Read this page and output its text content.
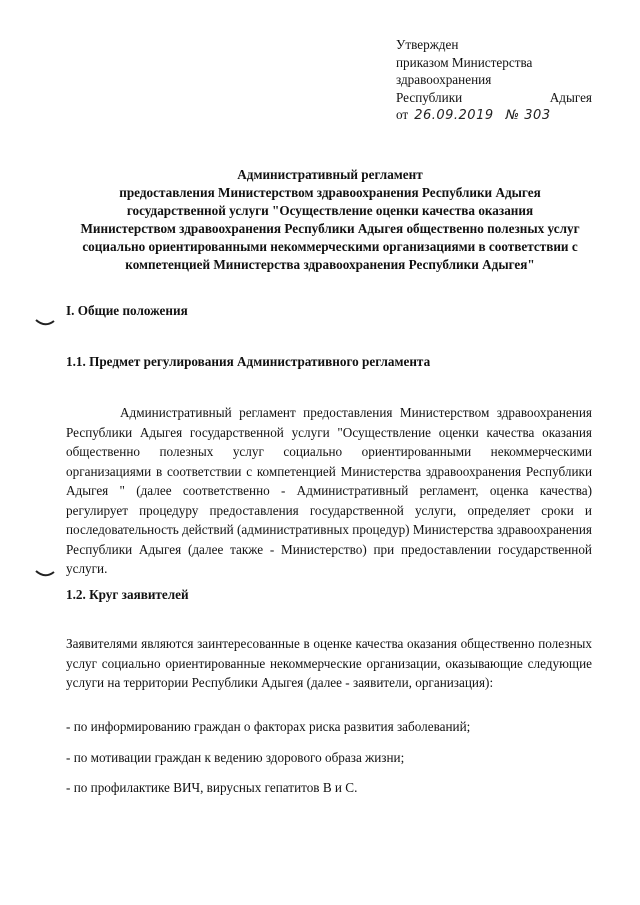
Утвержден
приказом Министерства
здравоохранения
Республики	Адыгея
от 26.09.2019 № 303
Административный регламент
предоставления Министерством здравоохранения Республики Адыгея
государственной услуги "Осуществление оценки качества оказания
Министерством здравоохранения Республики Адыгея общественно полезных услуг
социально ориентированными некоммерческими организациями в соответствии с
компетенцией Министерства здравоохранения Республики Адыгея"
I. Общие положения
1.1. Предмет регулирования Административного регламента
Административный регламент предоставления Министерством здравоохранения Республики Адыгея государственной услуги "Осуществление оценки качества оказания общественно полезных услуг социально ориентированными некоммерческими организациями в соответствии с компетенцией Министерства здравоохранения Республики Адыгея " (далее соответственно - Административный регламент, оценка качества) регулирует процедуру предоставления государственной услуги, определяет сроки и последовательность действий (административных процедур) Министерства здравоохранения Республики Адыгея (далее также - Министерство) при предоставлении государственной услуги.
1.2. Круг заявителей
Заявителями являются заинтересованные в оценке качества оказания общественно полезных услуг социально ориентированные некоммерческие организации, оказывающие следующие услуги на территории Республики Адыгея (далее - заявители, организация):
- по информированию граждан о факторах риска развития заболеваний;
- по мотивации граждан к ведению здорового образа жизни;
- по профилактике ВИЧ, вирусных гепатитов B и C.
